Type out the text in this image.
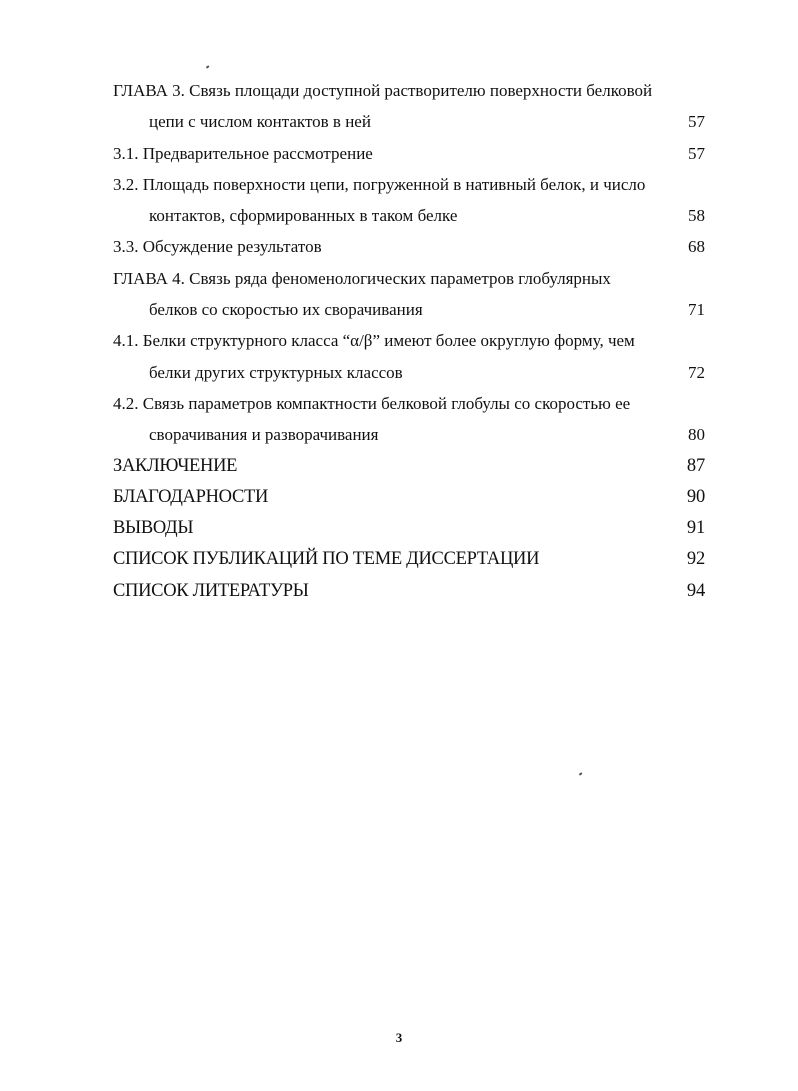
ГЛАВА 3. Связь площади доступной растворителю поверхности белковой
цепи с числом контактов в ней	57
3.1. Предварительное рассмотрение	57
3.2. Площадь поверхности цепи, погруженной в нативный белок, и число
контактов, сформированных в таком белке	58
3.3. Обсуждение результатов	68
ГЛАВА 4. Связь ряда феноменологических параметров глобулярных
белков со скоростью их сворачивания	71
4.1. Белки структурного класса “α/β” имеют более округлую форму, чем
белки других структурных классов	72
4.2. Связь параметров компактности белковой глобулы со скоростью ее
сворачивания и разворачивания	80
ЗАКЛЮЧЕНИЕ	87
БЛАГОДАРНОСТИ	90
ВЫВОДЫ	91
СПИСОК ПУБЛИКАЦИЙ ПО ТЕМЕ ДИССЕРТАЦИИ	92
СПИСОК ЛИТЕРАТУРЫ	94
3
